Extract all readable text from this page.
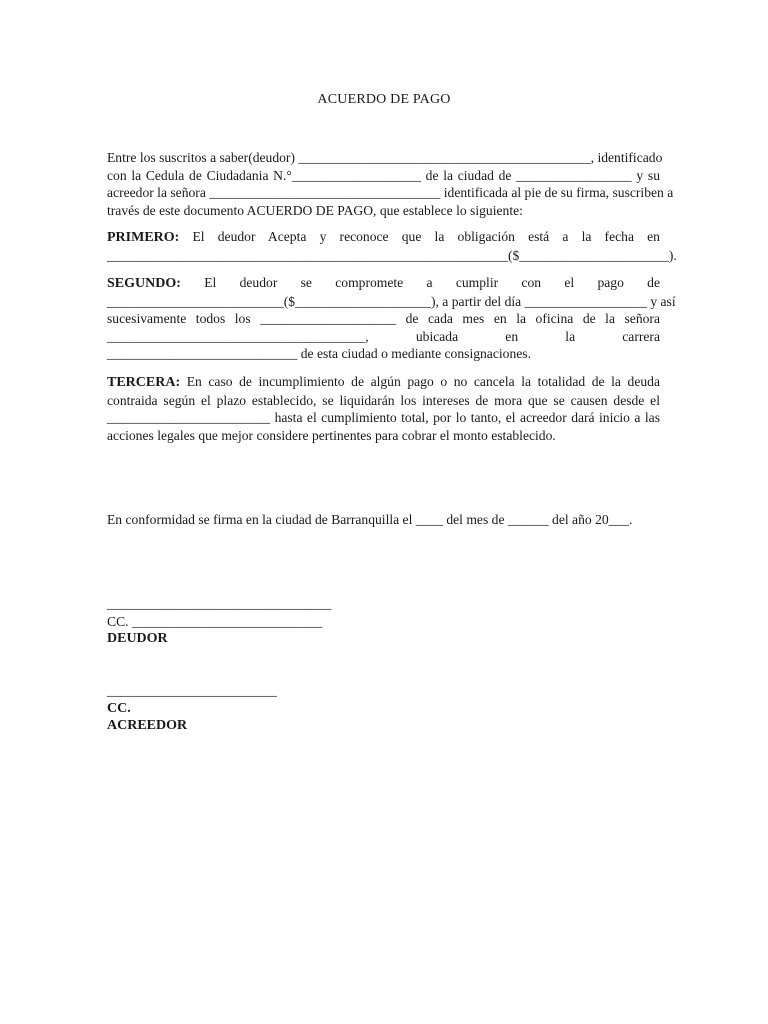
ACUERDO DE PAGO
Entre los suscritos a saber(deudor) ___________________________________________, identificado
con la Cedula de Ciudadania N.°___________________ de la ciudad de _________________ y su
acreedor la señora __________________________________ identificada al pie de su firma, suscriben a
través de este documento ACUERDO DE PAGO, que establece lo siguiente:
PRIMERO: El deudor Acepta y reconoce que la obligación está a la fecha en
___________________________________________________________($______________________).
SEGUNDO: El deudor se compromete a cumplir con el pago de
__________________________($____________________), a partir del día __________________ y así
sucesivamente todos los ____________________ de cada mes en la oficina de la señora
______________________________________, ubicada en la carrera
____________________________ de esta ciudad o mediante consignaciones.
TERCERA: En caso de incumplimiento de algún pago o no cancela la totalidad de la deuda
contraida según el plazo establecido, se liquidarán los intereses de mora que se causen desde el
________________________ hasta el cumplimiento total, por lo tanto, el acreedor dará inicio a las
acciones legales que mejor considere pertinentes para cobrar el monto establecido.
En conformidad se firma en la ciudad de Barranquilla el ____ del mes de ______ del año 20___.
_________________________________
CC. ____________________________
DEUDOR
_________________________
CC.
ACREEDOR
